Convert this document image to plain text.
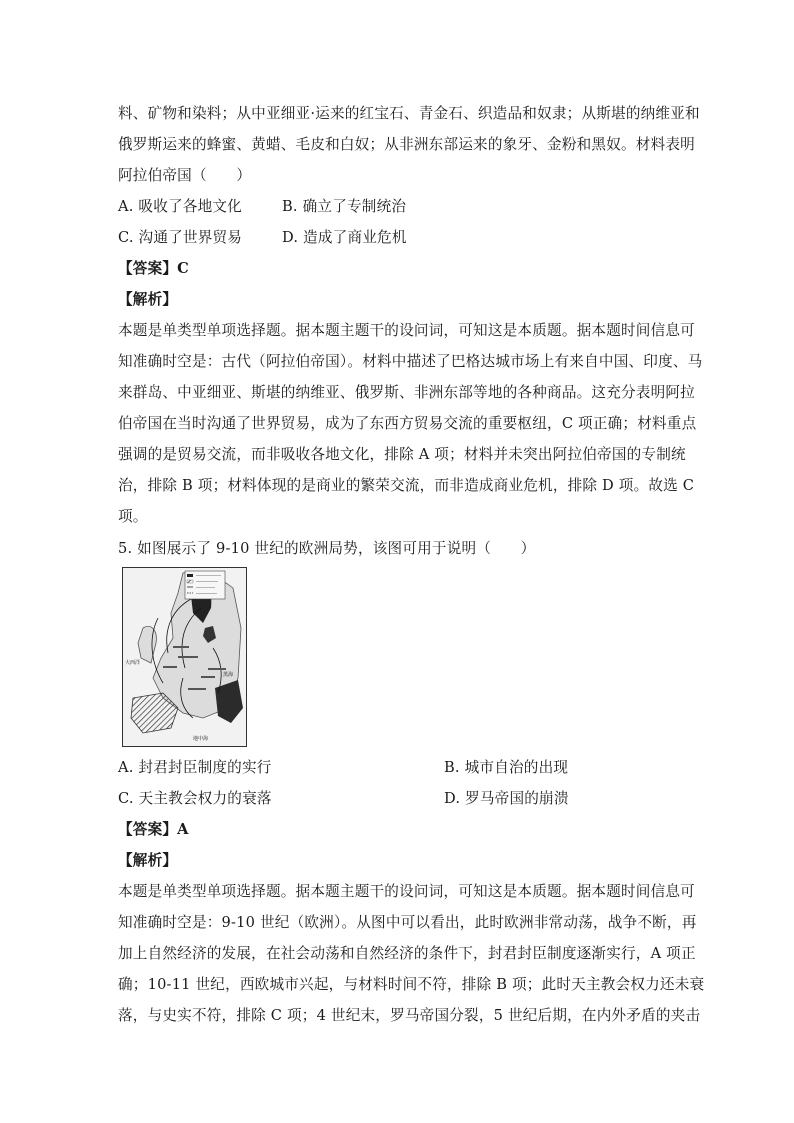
料、矿物和染料；从中亚细亚·运来的红宝石、青金石、织造品和奴隶；从斯堪的纳维亚和
俄罗斯运来的蜂蜜、黄蜡、毛皮和白奴；从非洲东部运来的象牙、金粉和黑奴。材料表明
阿拉伯帝国（　　）
A. 吸收了各地文化	B. 确立了专制统治
C. 沟通了世界贸易	D. 造成了商业危机
【答案】C
【解析】
本题是单类型单项选择题。据本题主题干的设问词，可知这是本质题。据本题时间信息可
知准确时空是：古代（阿拉伯帝国）。材料中描述了巴格达城市场上有来自中国、印度、马
来群岛、中亚细亚、斯堪的纳维亚、俄罗斯、非洲东部等地的各种商品。这充分表明阿拉
伯帝国在当时沟通了世界贸易，成为了东西方贸易交流的重要枢纽，C 项正确；材料重点
强调的是贸易交流，而非吸收各地文化，排除 A 项；材料并未突出阿拉伯帝国的专制统
治，排除 B 项；材料体现的是商业的繁荣交流，而非造成商业危机，排除 D 项。故选 C
项。
5. 如图展示了 9-10 世纪的欧洲局势，该图可用于说明（　　）
大西洋
地中海
黑海
A. 封君封臣制度的实行	B. 城市自治的出现
C. 天主教会权力的衰落	D. 罗马帝国的崩溃
【答案】A
【解析】
本题是单类型单项选择题。据本题主题干的设问词，可知这是本质题。据本题时间信息可
知准确时空是：9-10 世纪（欧洲）。从图中可以看出，此时欧洲非常动荡，战争不断，再
加上自然经济的发展，在社会动荡和自然经济的条件下，封君封臣制度逐渐实行，A 项正
确；10-11 世纪，西欧城市兴起，与材料时间不符，排除 B 项；此时天主教会权力还未衰
落，与史实不符，排除 C 项；4 世纪末，罗马帝国分裂，5 世纪后期，在内外矛盾的夹击
